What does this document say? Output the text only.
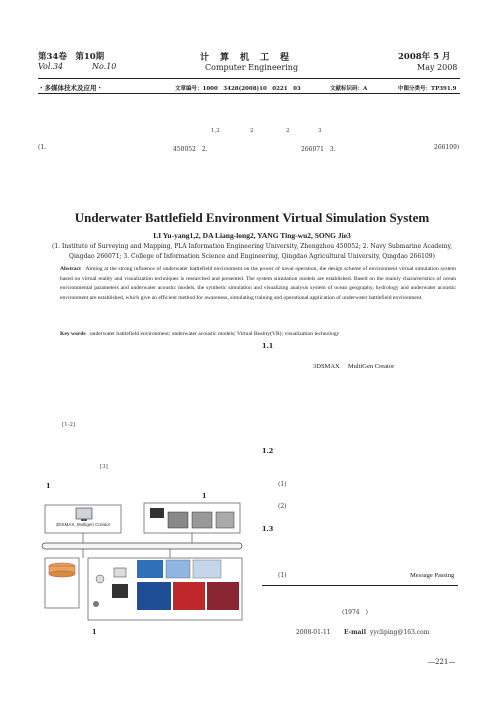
第34卷　第10期
Vol.34	No.10
计　算　机　工　程
Computer Engineering
2008年 5 月
May 2008
・多媒体技术及应用・	文章编号：1000　3428(2008)10　0221　03	文献标识码：A	中图分类号：TP391.9
1,2	2	2	3
(1.	450052　2.	266071　3.	266109)
Underwater Battlefield Environment Virtual Simulation System
LI Yu-yang1,2, DA Liang-long2, YANG Ting-wu2, SONG Jie3
(1. Institute of Surveying and Mapping, PLA Information Engineering University, Zhengzhou 450052; 2. Navy Submarine Academy,
Qingdao 266071; 3. College of Information Science and Engineering, Qingdao Agricultural University, Qingdao 266109)
Abstract Aiming at the strong influence of underwater battlefield environment on the power of naval operation, the design scheme of environment virtual simulation system based on virtual reality and visualization techniques is researched and presented. The system simulation models are established. Based on the mainly characteristics of ocean environmental parameters and underwater acoustic models, the synthetic simulation and visualizing analysis system of ocean geography, hydrology and underwater acoustic environment are established, which give an efficient method for awareness, simulating training and operational application of underwater battlefield environment.
Key words underwater battlefield environment; underwater acoustic models; Virtual Reality(VR); visualization technology
[1-2]
[3]
1
1
3DSMAX, Multigen Creator
1
1.1
3DSMAX　 MultiGen Creator
1.2
(1)
(2)
1.3
(1)	Message Passing
(1974　)
2008-01-11 E-mail yycliping@163.com
—221—
